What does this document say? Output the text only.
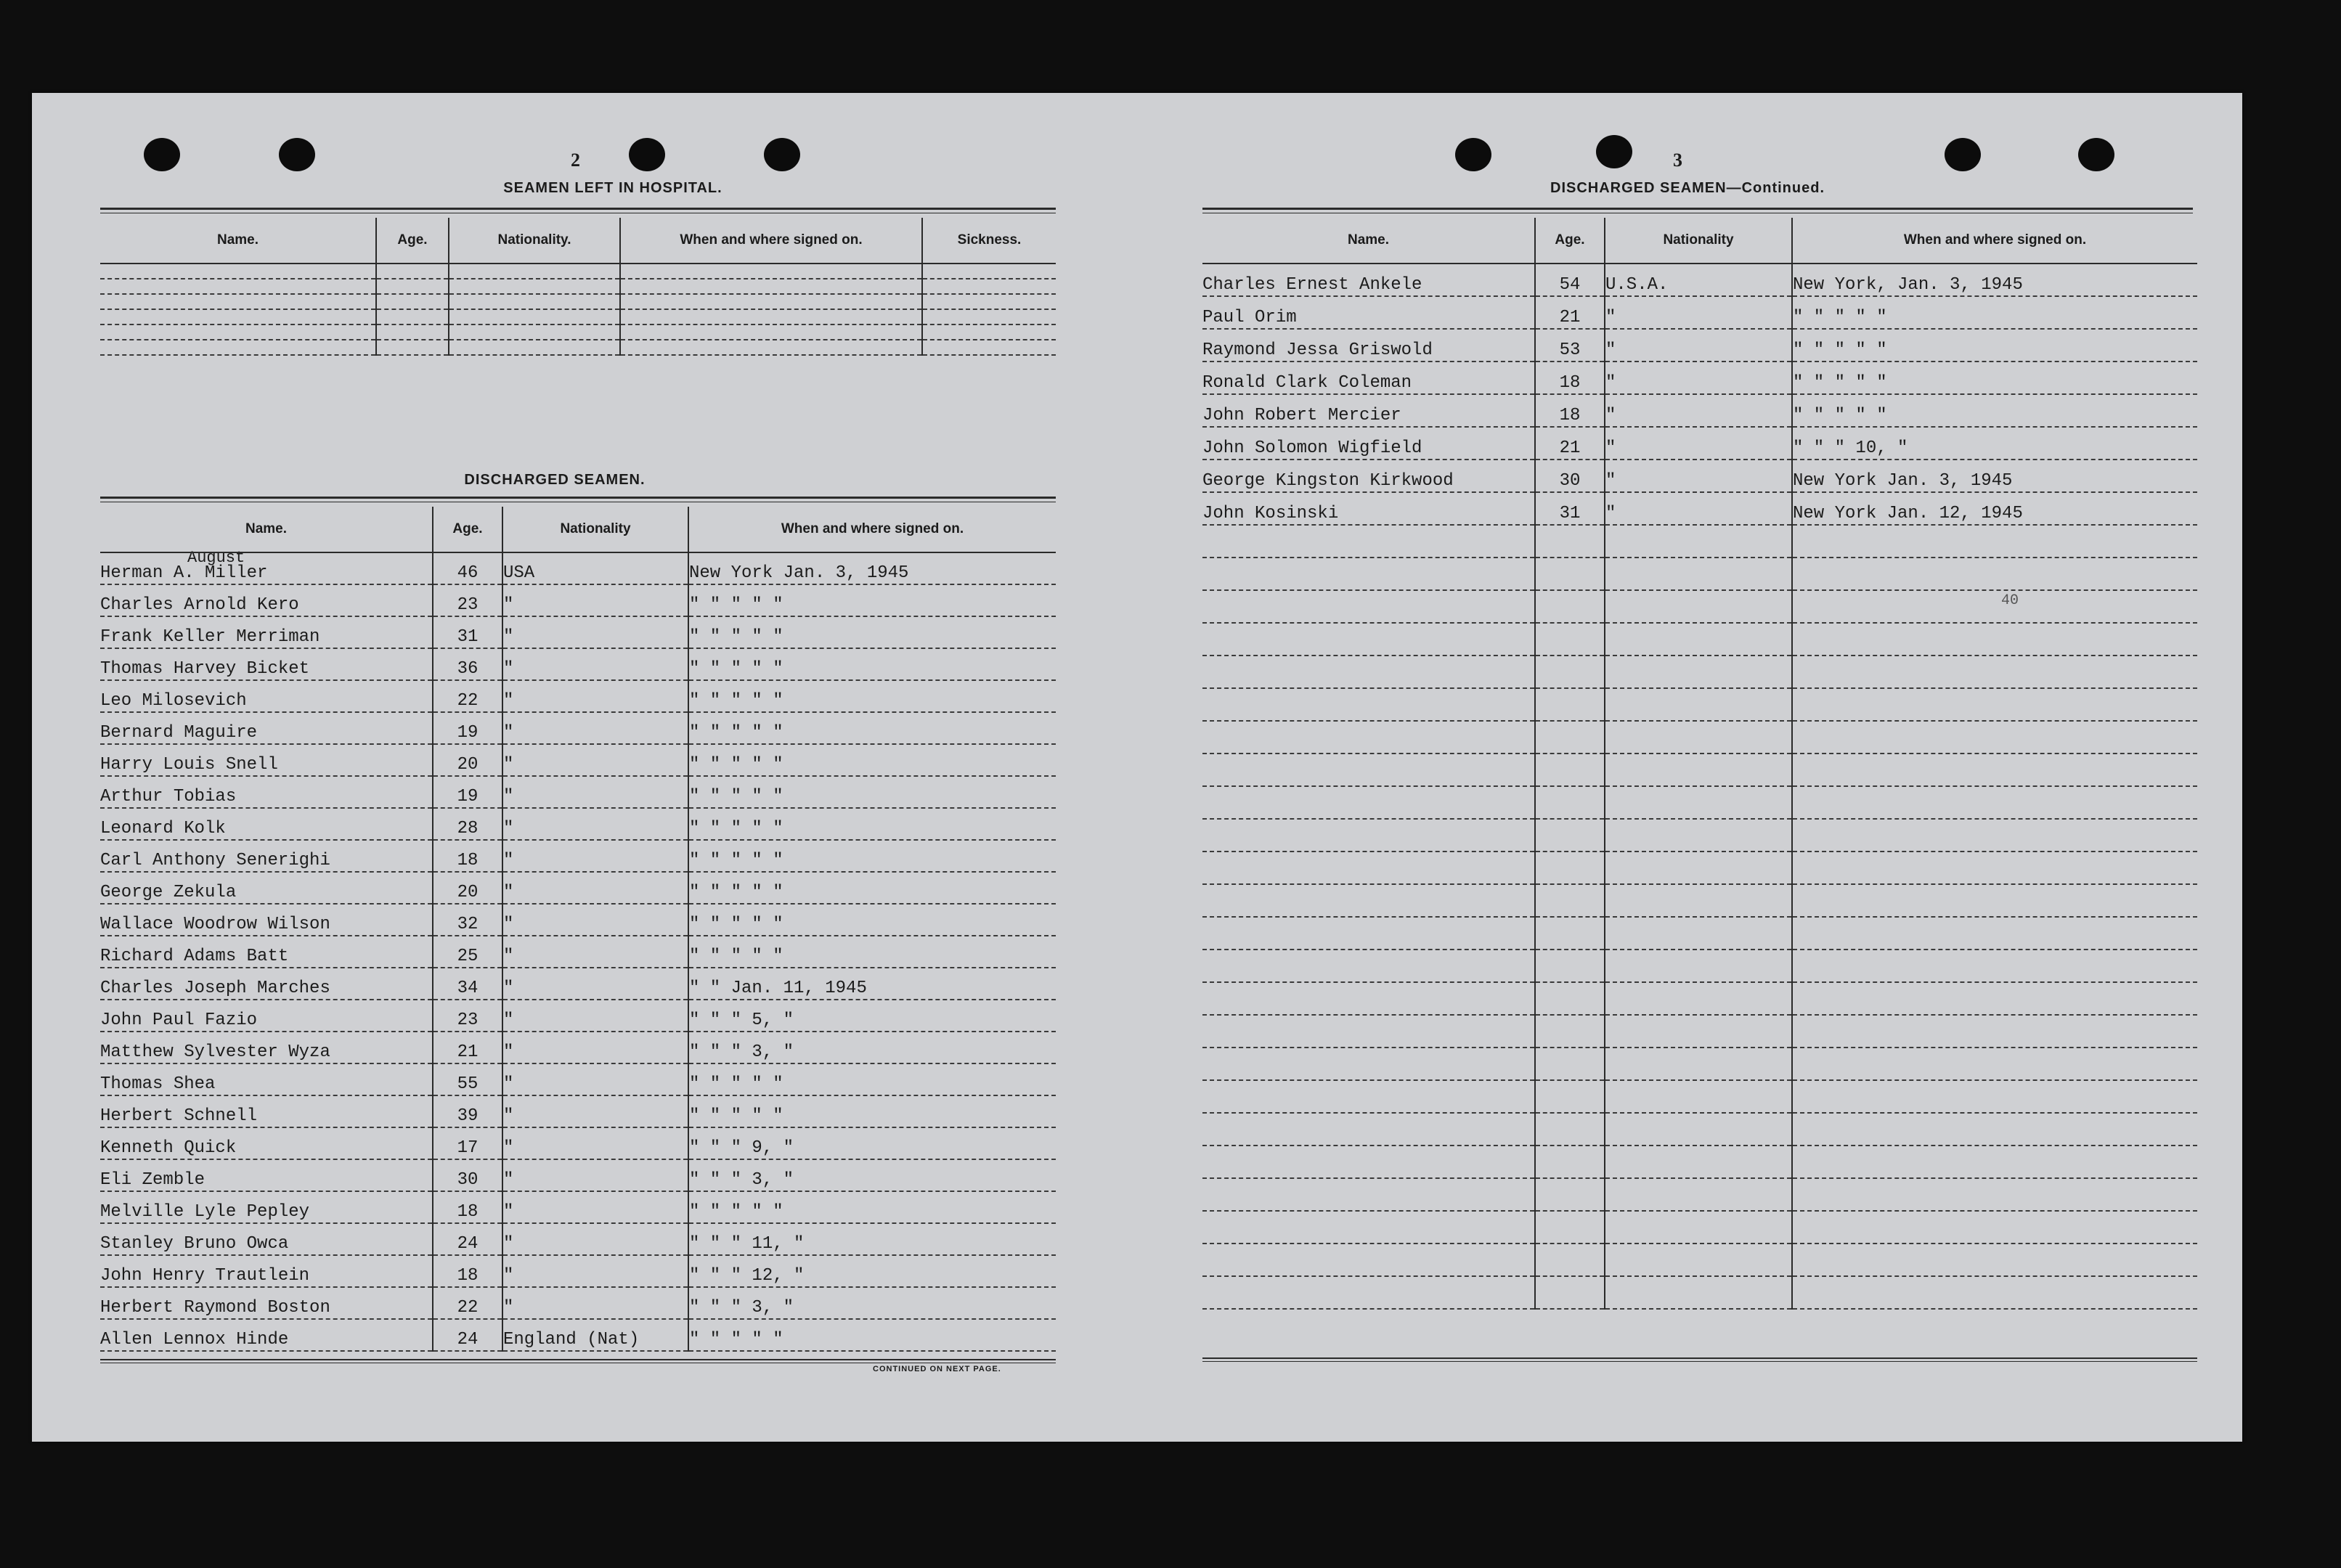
2
SEAMEN LEFT IN HOSPITAL.
Name.	Age.	Nationality.	When and where signed on.	Sickness.

DISCHARGED SEAMEN.
August
Name.	Age.	Nationality	When and where signed on.
Herman A. Miller	46	USA	New York Jan. 3, 1945
Charles Arnold Kero	23	"	" " " " "
Frank Keller Merriman	31	"	" " " " "
Thomas Harvey Bicket	36	"	" " " " "
Leo Milosevich	22	"	" " " " "
Bernard Maguire	19	"	" " " " "
Harry Louis Snell	20	"	" " " " "
Arthur Tobias	19	"	" " " " "
Leonard Kolk	28	"	" " " " "
Carl Anthony Senerighi	18	"	" " " " "
George Zekula	20	"	" " " " "
Wallace Woodrow Wilson	32	"	" " " " "
Richard Adams Batt	25	"	" " " " "
Charles Joseph Marches	34	"	" " Jan. 11, 1945
John Paul Fazio	23	"	" " " 5, "
Matthew Sylvester Wyza	21	"	" " " 3, "
Thomas Shea	55	"	" " " " "
Herbert Schnell	39	"	" " " " "
Kenneth Quick	17	"	" " " 9, "
Eli Zemble	30	"	" " " 3, "
Melville Lyle Pepley	18	"	" " " " "
Stanley Bruno Owca	24	"	" " " 11, "
John Henry Trautlein	18	"	" " " 12, "
Herbert Raymond Boston	22	"	" " " 3, "
Allen Lennox Hinde	24	England (Nat)	" " " " "
CONTINUED ON NEXT PAGE.
3
DISCHARGED SEAMEN—Continued.
Name.	Age.	Nationality	When and where signed on.
Charles Ernest Ankele	54	U.S.A.	New York, Jan. 3, 1945
Paul Orim	21	"	" " " " "
Raymond Jessa Griswold	53	"	" " " " "
Ronald Clark Coleman	18	"	" " " " "
John Robert Mercier	18	"	" " " " "
John Solomon Wigfield	21	"	" " " 10, "
George Kingston Kirkwood	30	"	New York Jan. 3, 1945
John Kosinski	31	"	New York Jan. 12, 1945

40
